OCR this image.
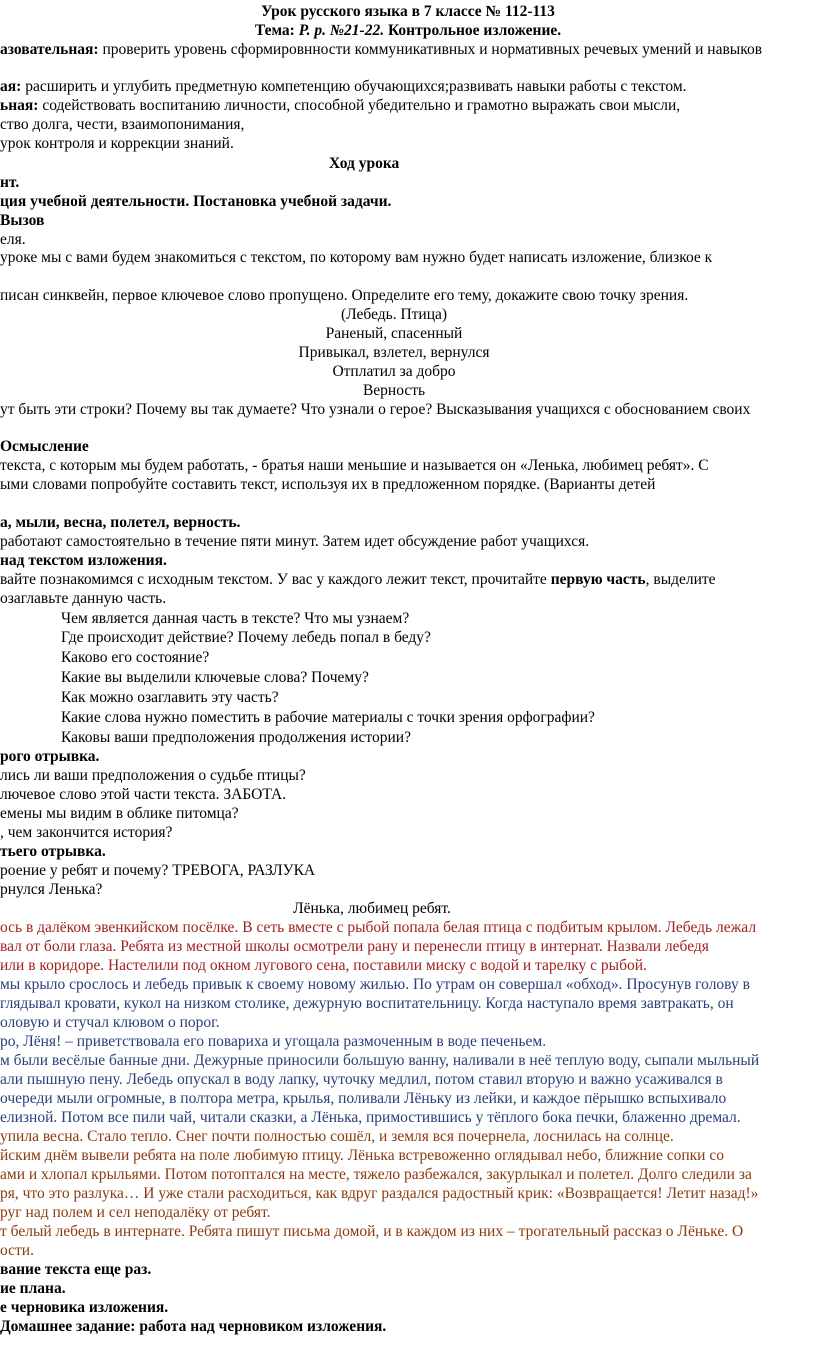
Урок русского языка в 7 классе № 112-113
Тема: Р. р. №21-22. Контрольное изложение.
азовательная: проверить уровень сформировнности коммуникативных и нормативных речевых умений и навыков
ая: расширить и углубить предметную компетенцию обучающихся;развивать навыки работы с текстом.
ьная: содействовать воспитанию личности, способной убедительно и грамотно выражать свои мысли,
ство долга, чести, взаимопонимания,
урок контроля и коррекции знаний.
Ход урока
нт.
ция учебной деятельности. Постановка учебной задачи.
Вызов
еля.
уроке мы с вами будем знакомиться с текстом, по которому вам нужно будет написать изложение, близкое к
писан синквейн, первое ключевое слово пропущено. Определите его тему, докажите свою точку зрения.
(Лебедь. Птица)
Раненый, спасенный
Привыкал, взлетел, вернулся
Отплатил за добро
Верность
ут быть эти строки? Почему вы так думаете? Что узнали о герое? Высказывания учащихся с обоснованием своих
Осмысление
текста, с которым мы будем работать, - братья наши меньшие и называется он «Ленька, любимец ребят». С
ыми словами попробуйте составить текст, используя их в предложенном порядке. (Варианты детей
а, мыли, весна, полетел, верность.
работают самостоятельно в течение пяти минут. Затем идет обсуждение работ учащихся.
над текстом изложения.
вайте познакомимся с исходным текстом. У вас у каждого лежит текст, прочитайте первую часть, выделите
озаглавьте данную часть.
Чем является данная часть в тексте? Что мы узнаем?
Где происходит действие? Почему лебедь попал в беду?
Каково его состояние?
Какие вы выделили ключевые слова? Почему?
Как можно озаглавить эту часть?
Какие слова нужно поместить в рабочие материалы с точки зрения орфографии?
Каковы ваши предположения продолжения истории?
рого отрывка.
лись ли ваши предположения о судьбе птицы?
лючевое слово этой части текста. ЗАБОТА.
емены мы видим в облике питомца?
, чем закончится история?
тьего отрывка.
роение у ребят и почему? ТРЕВОГА, РАЗЛУКА
рнулся Ленька?
Лёнька, любимец ребят.
ось в далёком эвенкийском посёлке. В сеть вместе с рыбой попала белая птица с подбитым крылом. Лебедь лежал
вал от боли глаза. Ребята из местной школы осмотрели рану и перенесли птицу в интернат. Назвали лебедя
или в коридоре. Настелили под окном лугового сена, поставили миску с водой и тарелку с рыбой.
мы крыло срослось и лебедь привык к своему новому жилью. По утрам он совершал «обход». Просунув голову в
глядывал кровати, кукол на низком столике, дежурную воспитательницу. Когда наступало время завтракать, он
оловую и стучал клювом о порог.
ро, Лёня! – приветствовала его повариха и угощала размоченным в воде печеньем.
м были весёлые банные дни. Дежурные приносили большую ванну, наливали в неё теплую воду, сыпали мыльный
али пышную пену. Лебедь опускал в воду лапку, чуточку медлил, потом ставил вторую и важно усаживался в
очереди мыли огромные, в полтора метра, крылья, поливали Лёньку из лейки, и каждое пёрышко вспыхивало
елизной. Потом все пили чай, читали сказки, а Лёнька, примостившись у тёплого бока печки, блаженно дремал.
упила весна. Стало тепло. Снег почти полностью сошёл, и земля вся почернела, лоснилась на солнце.
йским днём вывели ребята на поле любимую птицу. Лёнька встревоженно оглядывал небо, ближние сопки со
ами и хлопал крыльями. Потом потоптался на месте, тяжело разбежался, закурлыкал и полетел. Долго следили за
ря, что это разлука… И уже стали расходиться, как вдруг раздался радостный крик: «Возвращается! Летит назад!»
руг над полем и сел неподалёку от ребят.
т белый лебедь в интернате. Ребята пишут письма домой, и в каждом из них – трогательный рассказ о Лёньке. О
ости.
вание текста еще раз.
ие плана.
е черновика изложения.
Домашнее задание: работа над черновиком изложения.
